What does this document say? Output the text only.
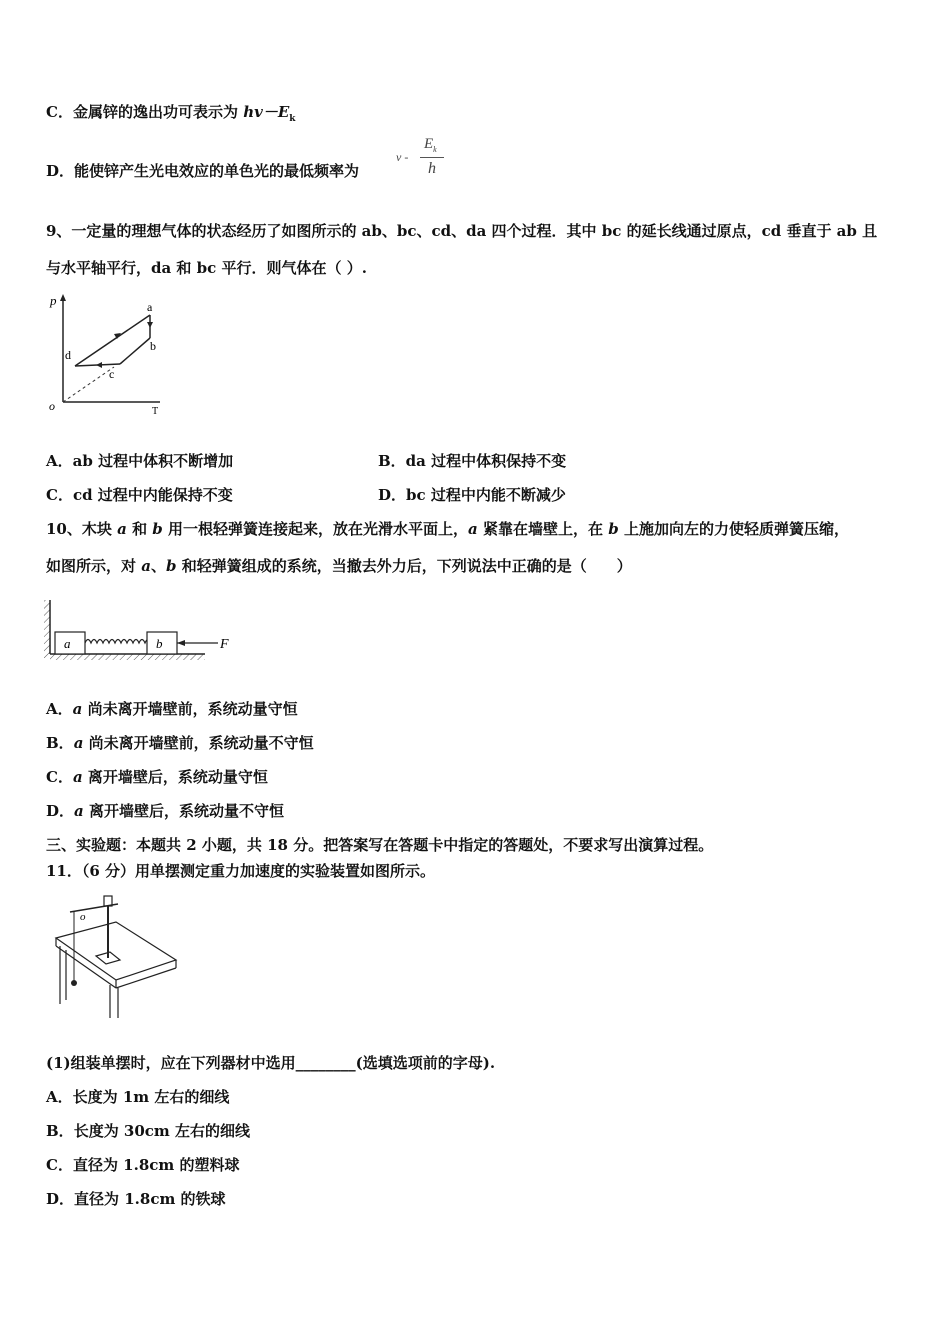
C．金属锌的逸出功可表示为 $hv-E_k$
D．能使锌产生光电效应的单色光的最低频率为
ν -
$E_k$
h
9、一定量的理想气体的状态经历了如图所示的 ab、bc、cd、da 四个过程．其中 bc 的延长线通过原点，cd 垂直于 ab 且
与水平轴平行，da 和 bc 平行．则气体在（ ）.
p	a
b
c
d
o	T
A．ab 过程中体积不断增加	B．da 过程中体积保持不变
C．cd 过程中内能保持不变	D．bc 过程中内能不断减少
10、木块 a 和 b 用一根轻弹簧连接起来，放在光滑水平面上，a 紧靠在墙壁上，在 b 上施加向左的力使轻质弹簧压缩，
如图所示，对 a、b 和轻弹簧组成的系统，当撤去外力后，下列说法中正确的是（　　）
a	b	F
A．a 尚未离开墙壁前，系统动量守恒
B．a 尚未离开墙壁前，系统动量不守恒
C．a 离开墙壁后，系统动量守恒
D．a 离开墙壁后，系统动量不守恒
三、实验题：本题共 2 小题，共 18 分。把答案写在答题卡中指定的答题处，不要求写出演算过程。
11．（6 分）用单摆测定重力加速度的实验装置如图所示。
o
(1)组装单摆时，应在下列器材中选用________(选填选项前的字母).
A．长度为 1m 左右的细线
B．长度为 30cm 左右的细线
C．直径为 1.8cm 的塑料球
D．直径为 1.8cm 的铁球
